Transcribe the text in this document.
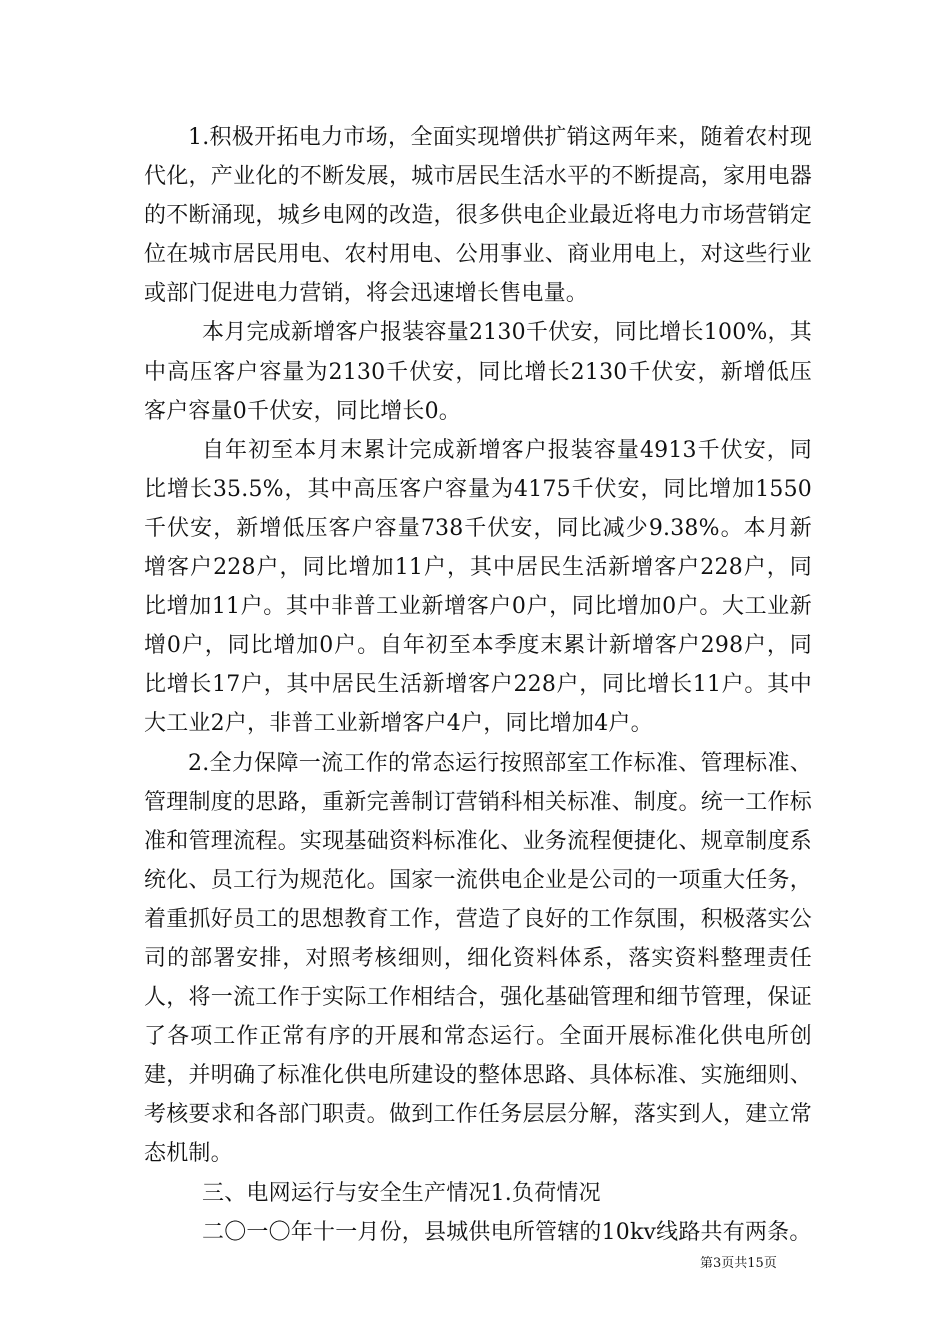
1.积极开拓电力市场，全面实现增供扩销这两年来，随着农村现代化，产业化的不断发展，城市居民生活水平的不断提高，家用电器的不断涌现，城乡电网的改造，很多供电企业最近将电力市场营销定位在城市居民用电、农村用电、公用事业、商业用电上，对这些行业或部门促进电力营销，将会迅速增长售电量。

本月完成新增客户报装容量2130千伏安，同比增长100%，其中高压客户容量为2130千伏安，同比增长2130千伏安，新增低压客户容量0千伏安，同比增长0。

自年初至本月末累计完成新增客户报装容量4913千伏安，同比增长35.5%，其中高压客户容量为4175千伏安，同比增加1550千伏安，新增低压客户容量738千伏安，同比减少9.38%。本月新增客户228户，同比增加11户，其中居民生活新增客户228户，同比增加11户。其中非普工业新增客户0户，同比增加0户。大工业新增0户，同比增加0户。自年初至本季度末累计新增客户298户，同比增长17户，其中居民生活新增客户228户，同比增长11户。其中大工业2户，非普工业新增客户4户，同比增加4户。

2.全力保障一流工作的常态运行按照部室工作标准、管理标准、管理制度的思路，重新完善制订营销科相关标准、制度。统一工作标准和管理流程。实现基础资料标准化、业务流程便捷化、规章制度系统化、员工行为规范化。国家一流供电企业是公司的一项重大任务，着重抓好员工的思想教育工作，营造了良好的工作氛围，积极落实公司的部署安排，对照考核细则，细化资料体系，落实资料整理责任人，将一流工作于实际工作相结合，强化基础管理和细节管理，保证了各项工作正常有序的开展和常态运行。全面开展标准化供电所创建，并明确了标准化供电所建设的整体思路、具体标准、实施细则、考核要求和各部门职责。做到工作任务层层分解，落实到人，建立常态机制。

三、电网运行与安全生产情况1.负荷情况

二〇一〇年十一月份，县城供电所管辖的10kv线路共有两条。

第3页共15页
